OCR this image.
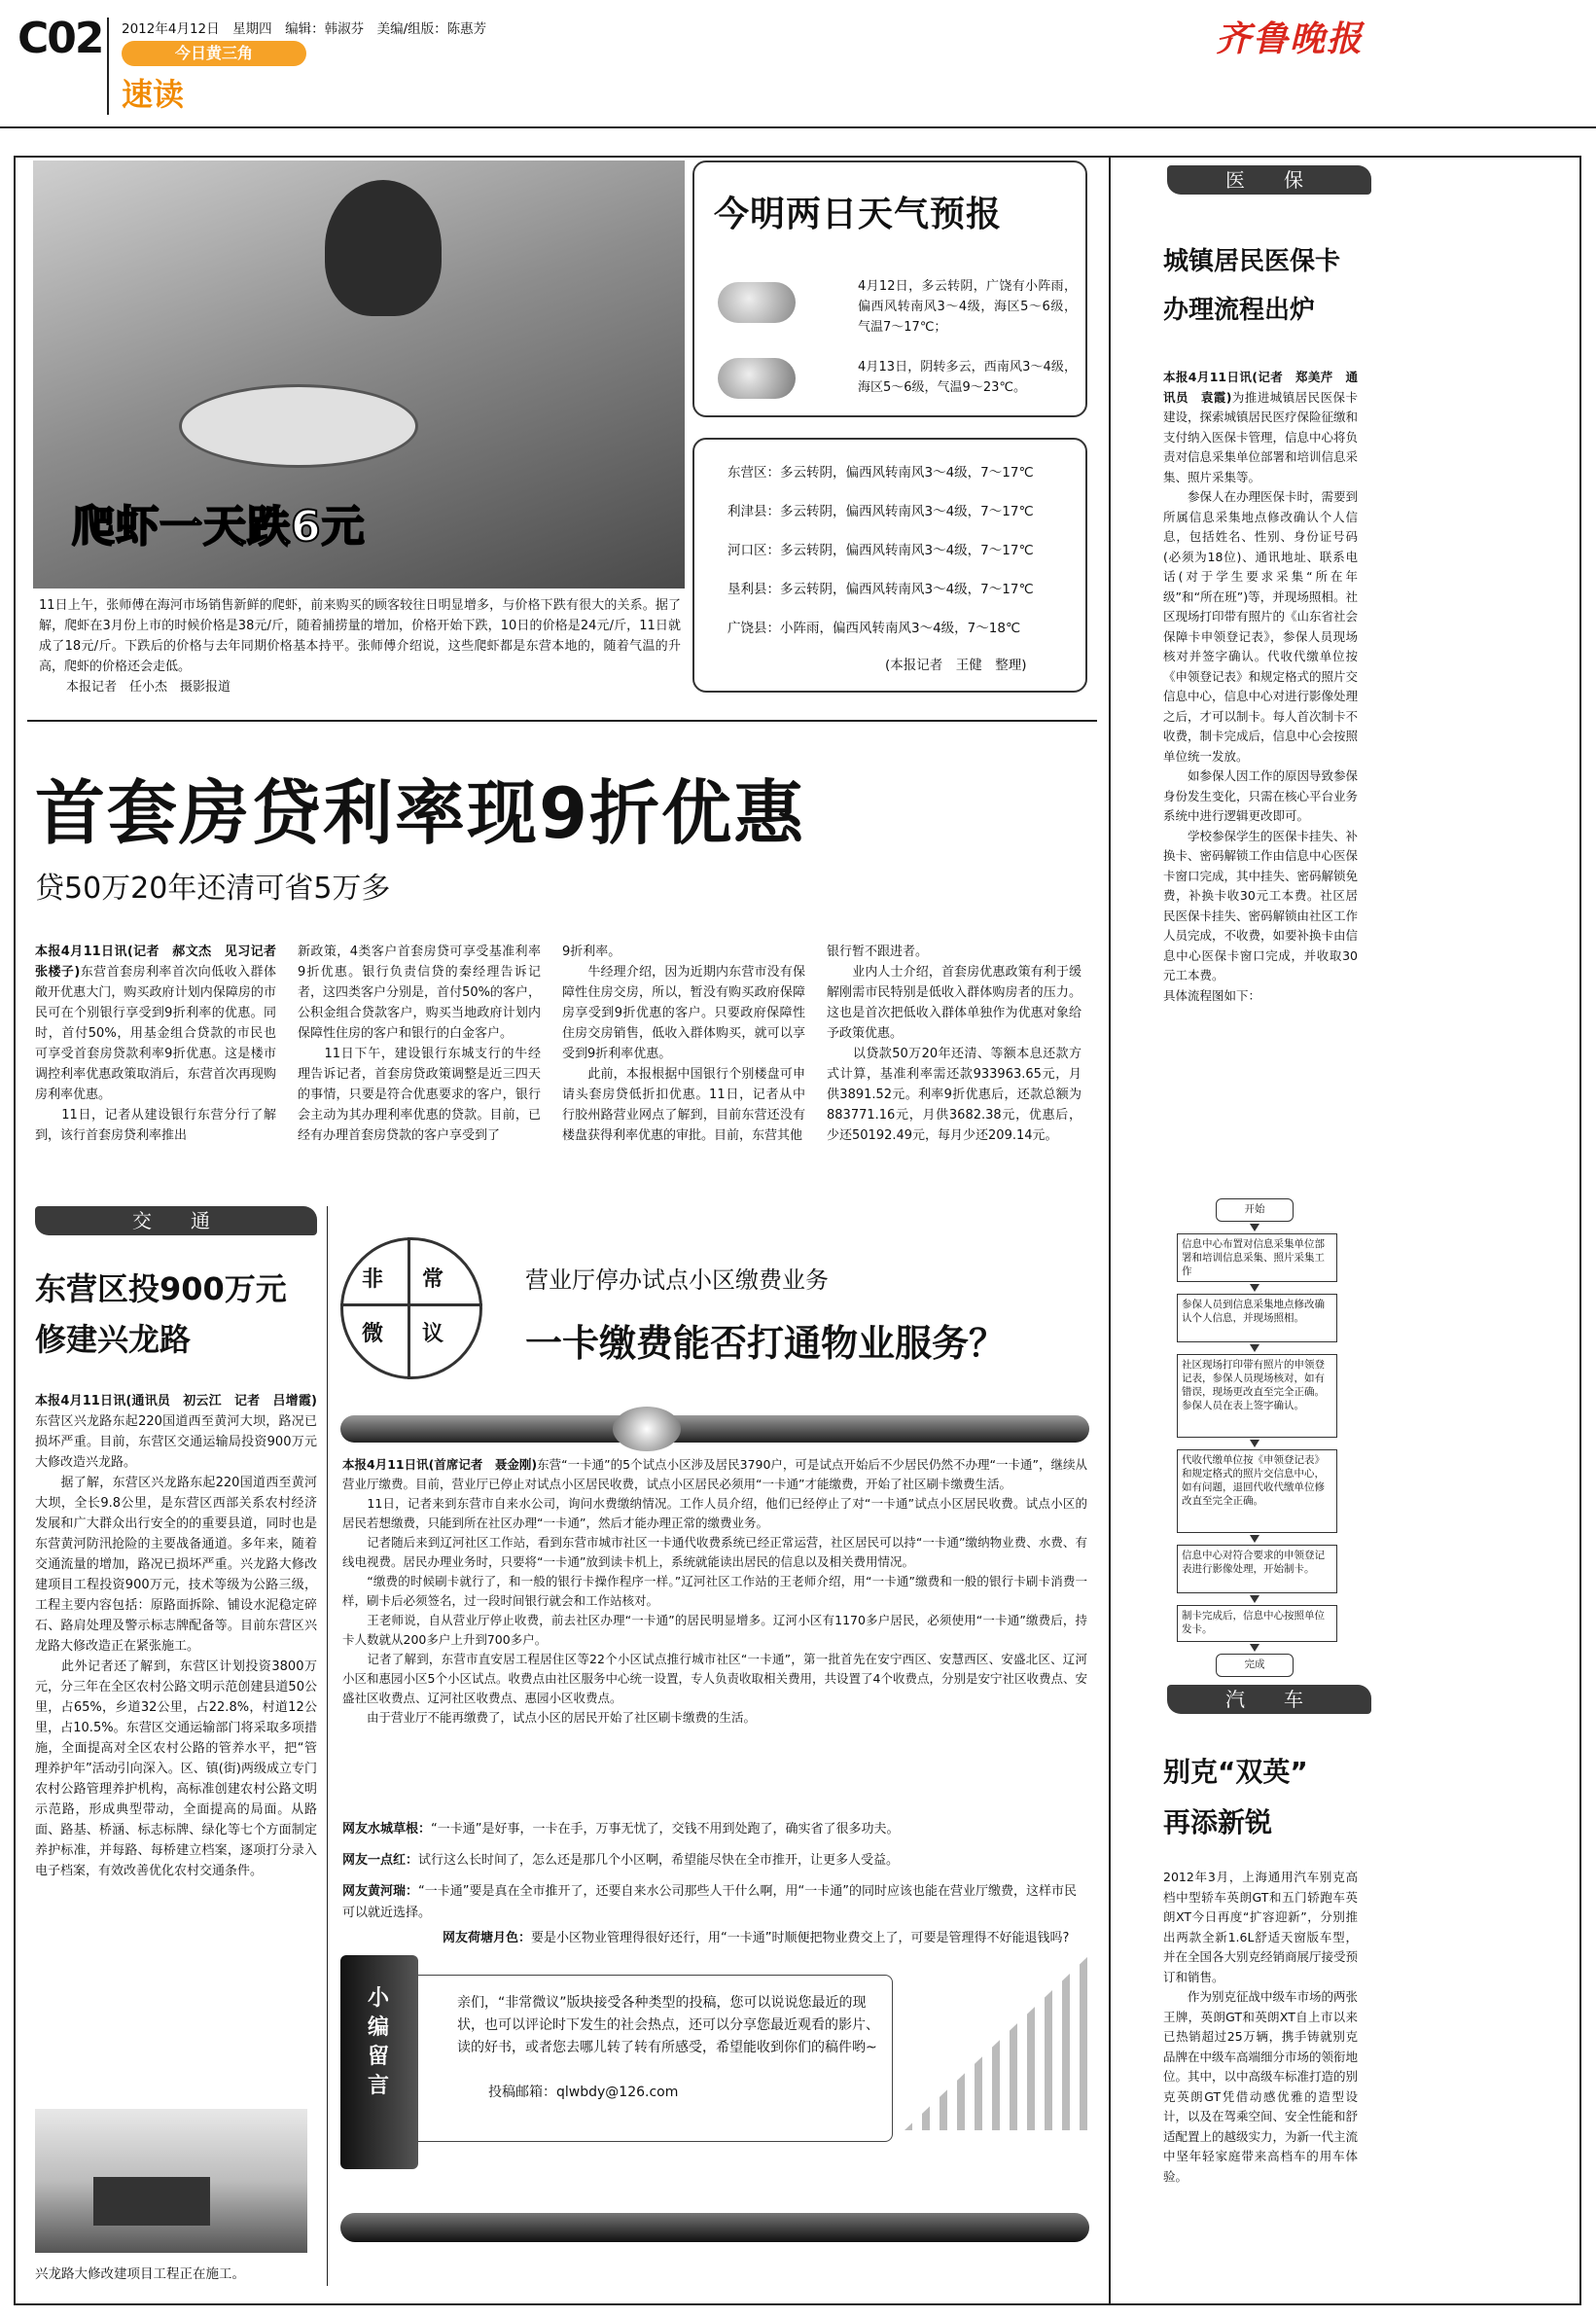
C02 2012年4月12日　星期四　编辑：韩淑芬　美编/组版：陈惠芳
今日黄三角
速读
齐鲁晚报
爬虾一天跌6元
11日上午，张师傅在海河市场销售新鲜的爬虾，前来购买的顾客较往日明显增多，与价格下跌有很大的关系。据了解，爬虾在3月份上市的时候价格是38元/斤，随着捕捞量的增加，价格开始下跌，10日的价格是24元/斤，11日就成了18元/斤。下跌后的价格与去年同期价格基本持平。张师傅介绍说，这些爬虾都是东营本地的，随着气温的升高，爬虾的价格还会走低。
本报记者　任小杰　摄影报道
今明两日天气预报
4月12日，多云转阴，广饶有小阵雨，偏西风转南风3～4级，海区5～6级，气温7～17℃；
4月13日，阴转多云，西南风3～4级，海区5～6级，气温9～23℃。
东营区：多云转阴，偏西风转南风3～4级，7～17℃
利津县：多云转阴，偏西风转南风3～4级，7～17℃
河口区：多云转阴，偏西风转南风3～4级，7～17℃
垦利县：多云转阴，偏西风转南风3～4级，7～17℃
广饶县：小阵雨，偏西风转南风3～4级，7～18℃
(本报记者　王健　整理)
首套房贷利率现9折优惠
贷50万20年还清可省5万多
本报4月11日讯(记者　郝文杰　见习记者　张楼子)东营首套房利率首次向低收入群体敞开优惠大门，购买政府计划内保障房的市民可在个别银行享受到9折利率的优惠。同时，首付50%，用基金组合贷款的市民也可享受首套房贷款利率9折优惠。这是楼市调控利率优惠政策取消后，东营首次再现购房利率优惠。
　　11日，记者从建设银行东营分行了解到，该行首套房贷利率推出
新政策，4类客户首套房贷可享受基准利率9折优惠。银行负责信贷的秦经理告诉记者，这四类客户分别是，首付50%的客户，公积金组合贷款客户，购买当地政府计划内保障性住房的客户和银行的白金客户。
　　11日下午，建设银行东城支行的牛经理告诉记者，首套房贷政策调整是近三四天的事情，只要是符合优惠要求的客户，银行会主动为其办理利率优惠的贷款。目前，已经有办理首套房贷款的客户享受到了
9折利率。
　　牛经理介绍，因为近期内东营市没有保障性住房交房，所以，暂没有购买政府保障房享受到9折优惠的客户。只要政府保障性住房交房销售，低收入群体购买，就可以享受到9折利率优惠。
　　此前，本报根据中国银行个别楼盘可申请头套房贷低折扣优惠。11日，记者从中行胶州路营业网点了解到，目前东营还没有楼盘获得利率优惠的审批。目前，东营其他
银行暂不跟进者。
　　业内人士介绍，首套房优惠政策有利于缓解刚需市民特别是低收入群体购房者的压力。这也是首次把低收入群体单独作为优惠对象给予政策优惠。
　　以贷款50万20年还清、等额本息还款方式计算，基准利率需还款933963.65元，月供3891.52元。利率9折优惠后，还款总额为883771.16元，月供3682.38元，优惠后，少还50192.49元，每月少还209.14元。
交　通
东营区投900万元
修建兴龙路
本报4月11日讯(通讯员　初云江　记者　吕增霞)东营区兴龙路东起220国道西至黄河大坝，路况已损坏严重。目前，东营区交通运输局投资900万元大修改造兴龙路。
　　据了解，东营区兴龙路东起220国道西至黄河大坝，全长9.8公里，是东营区西部关系农村经济发展和广大群众出行安全的的重要县道，同时也是东营黄河防汛抢险的主要战备通道。多年来，随着交通流量的增加，路况已损坏严重。兴龙路大修改建项目工程投资900万元，技术等级为公路三级，工程主要内容包括：原路面拆除、铺设水泥稳定碎石、路肩处理及警示标志牌配备等。目前东营区兴龙路大修改造正在紧张施工。
　　此外记者还了解到，东营区计划投资3800万元，分三年在全区农村公路文明示范创建县道50公里，占65%，乡道32公里，占22.8%，村道12公里，占10.5%。东营区交通运输部门将采取多项措施，全面提高对全区农村公路的管养水平，把“管理养护年”活动引向深入。区、镇(街)两级成立专门农村公路管理养护机构，高标准创建农村公路文明示范路，形成典型带动，全面提高的局面。从路面、路基、桥涵、标志标牌、绿化等七个方面制定养护标准，并每路、每桥建立档案，逐项打分录入电子档案，有效改善优化农村交通条件。
兴龙路大修改建项目工程正在施工。
非 常
微 议
营业厅停办试点小区缴费业务
一卡缴费能否打通物业服务？
本报4月11日讯(首席记者　聂金刚)东营“一卡通”的5个试点小区涉及居民3790户，可是试点开始后不少居民仍然不办理“一卡通”，继续从营业厅缴费。目前，营业厅已停止对试点小区居民收费，试点小区居民必须用“一卡通”才能缴费，开始了社区刷卡缴费生活。
　　11日，记者来到东营市自来水公司，询问水费缴纳情况。工作人员介绍，他们已经停止了对“一卡通”试点小区居民收费。试点小区的居民若想缴费，只能到所在社区办理“一卡通”，然后才能办理正常的缴费业务。
　　记者随后来到辽河社区工作站，看到东营市城市社区一卡通代收费系统已经正常运营，社区居民可以持“一卡通”缴纳物业费、水费、有线电视费。居民办理业务时，只要将“一卡通”放到读卡机上，系统就能读出居民的信息以及相关费用情况。
　　“缴费的时候刷卡就行了，和一般的银行卡操作程序一样。”辽河社区工作站的王老师介绍，用“一卡通”缴费和一般的银行卡刷卡消费一样，刷卡后必须签名，过一段时间银行就会和工作站核对。
　　王老师说，自从营业厅停止收费，前去社区办理“一卡通”的居民明显增多。辽河小区有1170多户居民，必须使用“一卡通”缴费后，持卡人数就从200多户上升到700多户。
　　记者了解到，东营市直安居工程居住区等22个小区试点推行城市社区“一卡通”，第一批首先在安宁西区、安慧西区、安盛北区、辽河小区和惠园小区5个小区试点。收费点由社区服务中心统一设置，专人负责收取相关费用，共设置了4个收费点，分别是安宁社区收费点、安盛社区收费点、辽河社区收费点、惠园小区收费点。
　　由于营业厅不能再缴费了，试点小区的居民开始了社区刷卡缴费的生活。
网友水城草根：“一卡通”是好事，一卡在手，万事无忧了，交钱不用到处跑了，确实省了很多功夫。
网友一点红：试行这么长时间了，怎么还是那几个小区啊，希望能尽快在全市推开，让更多人受益。
网友黄河瑞：“一卡通”要是真在全市推开了，还要自来水公司那些人干什么啊，用“一卡通”的同时应该也能在营业厅缴费，这样市民可以就近选择。
网友荷塘月色：要是小区物业管理得很好还行，用“一卡通”时顺便把物业费交上了，可要是管理得不好能退钱吗?
小编留言
亲们，“非常微议”版块接受各种类型的投稿，您可以说说您最近的现状，也可以评论时下发生的社会热点，还可以分享您最近观看的影片、读的好书，或者您去哪儿转了转有所感受，希望能收到你们的稿件哟~
投稿邮箱：qlwbdy@126.com
医　保
城镇居民医保卡
办理流程出炉
本报4月11日讯(记者　郑美芹　通讯员　袁霞)为推进城镇居民医保卡建设，探索城镇居民医疗保险征缴和支付纳入医保卡管理，信息中心将负责对信息采集单位部署和培训信息采集、照片采集等。
　　参保人在办理医保卡时，需要到所属信息采集地点修改确认个人信息，包括姓名、性别、身份证号码(必须为18位)、通讯地址、联系电话(对于学生要求采集“所在年级”和“所在班”)等，并现场照相。社区现场打印带有照片的《山东省社会保障卡申领登记表》，参保人员现场核对并签字确认。代收代缴单位按《申领登记表》和规定格式的照片交信息中心，信息中心对进行影像处理之后，才可以制卡。每人首次制卡不收费，制卡完成后，信息中心会按照单位统一发放。
　　如参保人因工作的原因导致参保身份发生变化，只需在核心平台业务系统中进行逻辑更改即可。
　　学校参保学生的医保卡挂失、补换卡、密码解锁工作由信息中心医保卡窗口完成，其中挂失、密码解锁免费，补换卡收30元工本费。社区居民医保卡挂失、密码解锁由社区工作人员完成，不收费，如要补换卡由信息中心医保卡窗口完成，并收取30元工本费。
具体流程图如下：
开始
信息中心布置对信息采集单位部署和培训信息采集、照片采集工作
参保人员到信息采集地点修改确认个人信息，并现场照相。
社区现场打印带有照片的申领登记表，参保人员现场核对，如有错误，现场更改直至完全正确。参保人员在表上签字确认。
代收代缴单位按《申领登记表》和规定格式的照片交信息中心，如有问题，退回代收代缴单位修改直至完全正确。
信息中心对符合要求的申领登记表进行影像处理，开始制卡。
制卡完成后，信息中心按照单位发卡。
完成
汽　车
别克“双英”
再添新锐
2012年3月，上海通用汽车别克高档中型轿车英朗GT和五门轿跑车英朗XT今日再度“扩容迎新”，分别推出两款全新1.6L舒适天窗版车型，并在全国各大别克经销商展厅接受预订和销售。
　　作为别克征战中级车市场的两张王牌，英朗GT和英朗XT自上市以来已热销超过25万辆，携手铸就别克品牌在中级车高端细分市场的领衔地位。其中，以中高级车标准打造的别克英朗GT凭借动感优雅的造型设计，以及在驾乘空间、安全性能和舒适配置上的越级实力，为新一代主流中坚年轻家庭带来高档车的用车体验。
